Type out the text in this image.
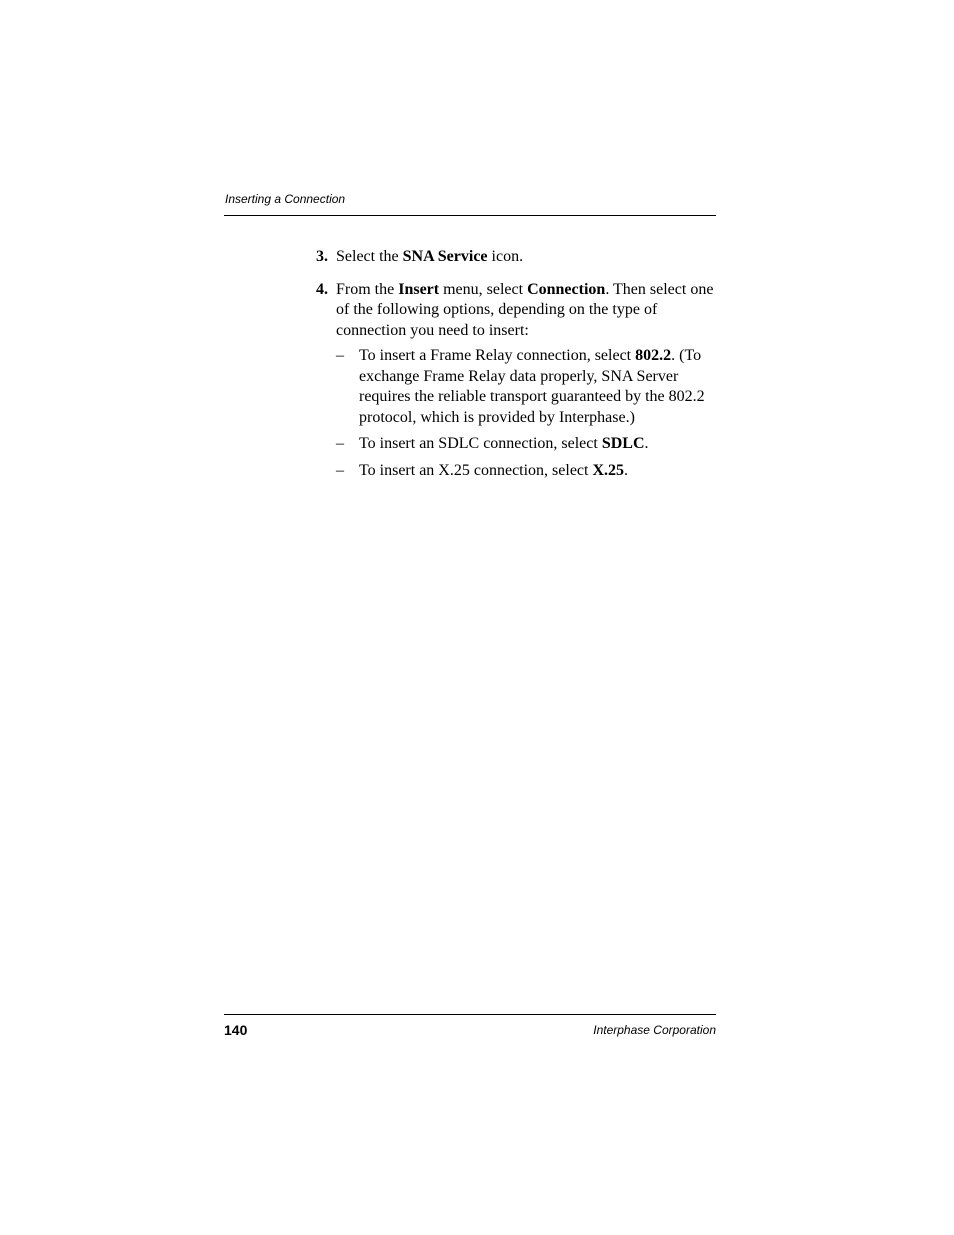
Inserting a Connection
3. Select the SNA Service icon.
4. From the Insert menu, select Connection. Then select one of the following options, depending on the type of connection you need to insert:
– To insert a Frame Relay connection, select 802.2. (To exchange Frame Relay data properly, SNA Server requires the reliable transport guaranteed by the 802.2 protocol, which is provided by Interphase.)
– To insert an SDLC connection, select SDLC.
– To insert an X.25 connection, select X.25.
140	Interphase Corporation
